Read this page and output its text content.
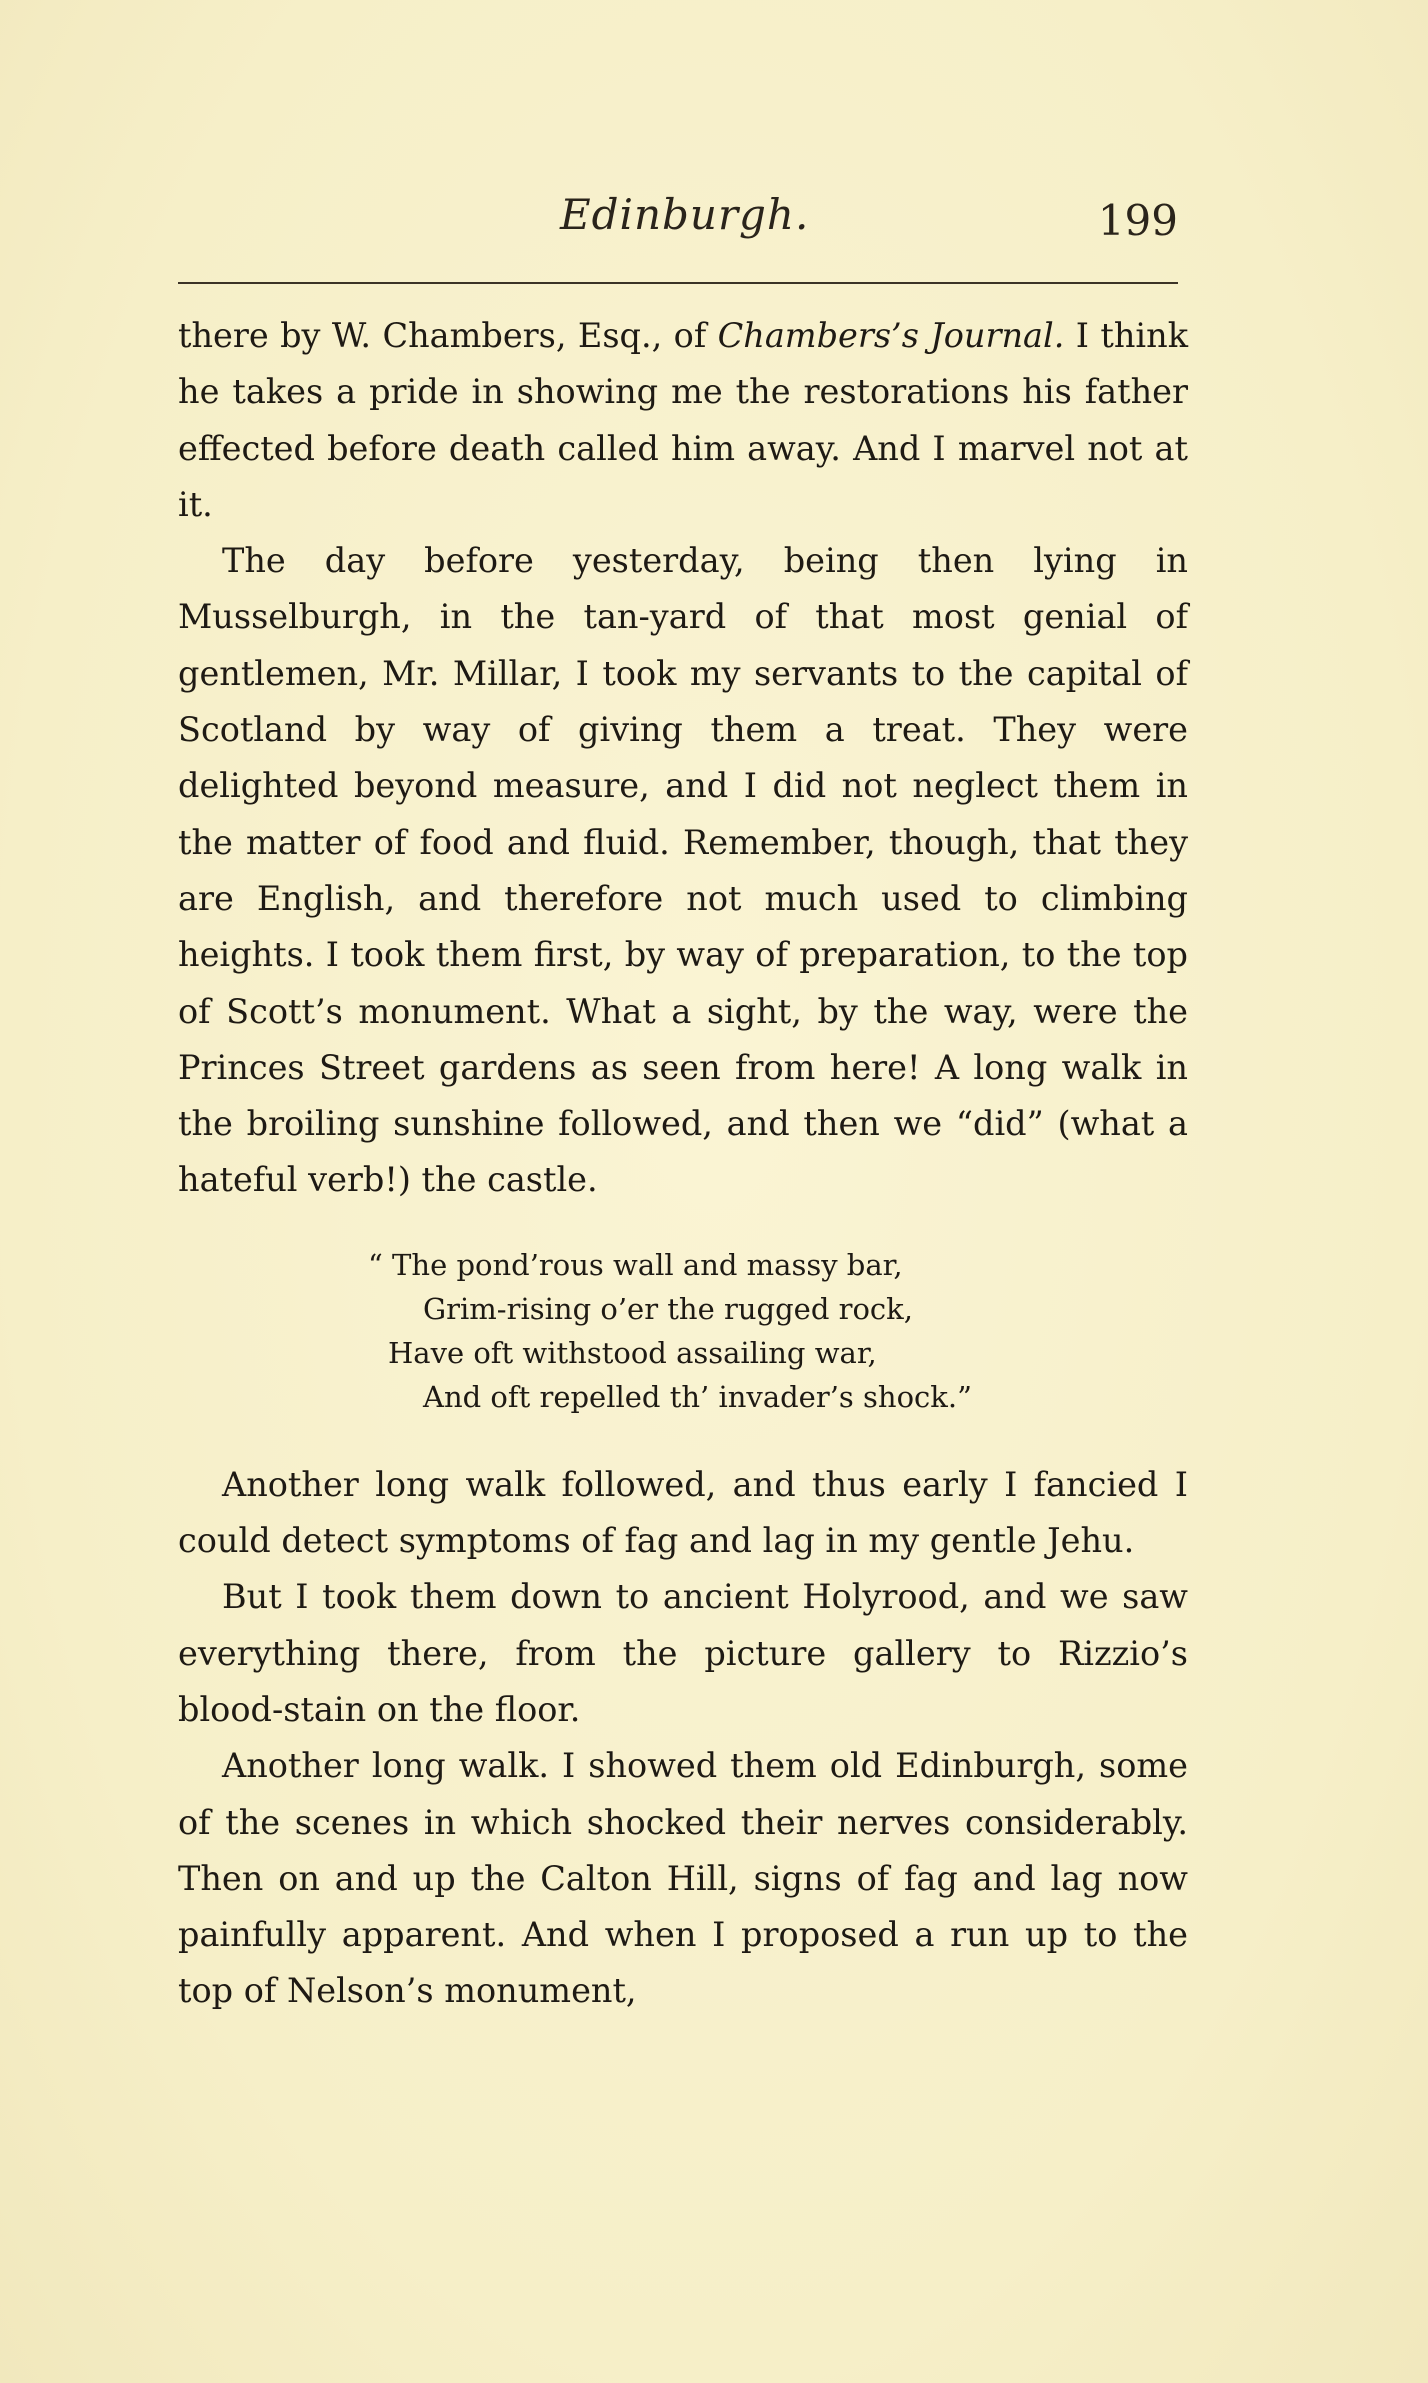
Edinburgh.	199

there by W. Chambers, Esq., of Chambers’s Journal. I think he takes a pride in showing me the restorations his father effected before death called him away. And I marvel not at it.

The day before yesterday, being then lying in Musselburgh, in the tan-yard of that most genial of gentlemen, Mr. Millar, I took my servants to the capital of Scotland by way of giving them a treat. They were delighted beyond measure, and I did not neglect them in the matter of food and fluid. Remember, though, that they are English, and therefore not much used to climbing heights. I took them first, by way of preparation, to the top of Scott’s monument. What a sight, by the way, were the Princes Street gardens as seen from here! A long walk in the broiling sunshine followed, and then we “did” (what a hateful verb!) the castle.

“ The pond’rous wall and massy bar,
Grim-rising o’er the rugged rock,
Have oft withstood assailing war,
And oft repelled th’ invader’s shock.”

Another long walk followed, and thus early I fancied I could detect symptoms of fag and lag in my gentle Jehu.

But I took them down to ancient Holyrood, and we saw everything there, from the picture gallery to Rizzio’s blood-stain on the floor.

Another long walk. I showed them old Edinburgh, some of the scenes in which shocked their nerves considerably. Then on and up the Calton Hill, signs of fag and lag now painfully apparent. And when I proposed a run up to the top of Nelson’s monument,
